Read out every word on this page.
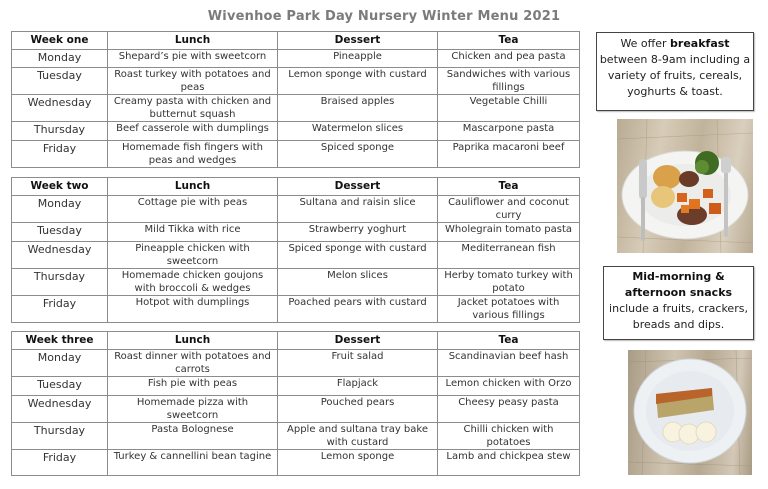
Wivenhoe Park Day Nursery Winter Menu 2021
Week one	Lunch	Dessert	Tea
Monday	Shepard’s pie with sweetcorn	Pineapple	Chicken and pea pasta
Tuesday	Roast turkey with potatoes and peas	Lemon sponge with custard	Sandwiches with various fillings
Wednesday	Creamy pasta with chicken and butternut squash	Braised apples	Vegetable Chilli
Thursday	Beef casserole with dumplings	Watermelon slices	Mascarpone pasta
Friday	Homemade fish fingers with peas and wedges	Spiced sponge	Paprika macaroni beef
Week two	Lunch	Dessert	Tea
Monday	Cottage pie with peas	Sultana and raisin slice	Cauliflower and coconut curry
Tuesday	Mild Tikka with rice	Strawberry yoghurt	Wholegrain tomato pasta
Wednesday	Pineapple chicken with sweetcorn	Spiced sponge with custard	Mediterranean fish
Thursday	Homemade chicken goujons with broccoli & wedges	Melon slices	Herby tomato turkey with potato
Friday	Hotpot with dumplings	Poached pears with custard	Jacket potatoes with various fillings
Week three	Lunch	Dessert	Tea
Monday	Roast dinner with potatoes and carrots	Fruit salad	Scandinavian beef hash
Tuesday	Fish pie with peas	Flapjack	Lemon chicken with Orzo
Wednesday	Homemade pizza with sweetcorn	Pouched pears	Cheesy peasy pasta
Thursday	Pasta Bolognese	Apple and sultana tray bake with custard	Chilli chicken with potatoes
Friday	Turkey & cannellini bean tagine	Lemon sponge	Lamb and chickpea stew
We offer breakfast
between 8-9am including a variety of fruits, cereals, yoghurts & toast.
Mid-morning & afternoon snacks
include a fruits, crackers, breads and dips.
